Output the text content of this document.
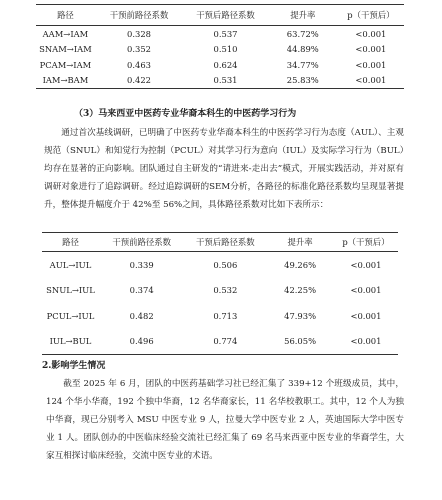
路径	干预前路径系数	干预后路径系数	提升率	p（干预后）
AAM→IAM	0.328	0.537	63.72%	<0.001
SNAM→IAM	0.352	0.510	44.89%	<0.001
PCAM→IAM	0.463	0.624	34.77%	<0.001
IAM→BAM	0.422	0.531	25.83%	<0.001
（3）马来西亚中医药专业华裔本科生的中医药学习行为

通过首次基线调研，已明确了中医药专业华裔本科生的中医药学习行为态度（AUL）、主观规范（SNUL）和知觉行为控制（PCUL）对其学习行为意向（IUL）及实际学习行为（BUL）均存在显著的正向影响。团队通过自主研发的“请进来-走出去”模式，开展实践活动，并对原有调研对象进行了追踪调研。经过追踪调研的SEM分析，各路径的标准化路径系数均呈现显著提升，整体提升幅度介于 42%至 56%之间，具体路径系数对比如下表所示：

路径	干预前路径系数	干预后路径系数	提升率	p（干预后）
AUL→IUL	0.339	0.506	49.26%	<0.001
SNUL→IUL	0.374	0.532	42.25%	<0.001
PCUL→IUL	0.482	0.713	47.93%	<0.001
IUL→BUL	0.496	0.774	56.05%	<0.001
2.影响学生情况

截至 2025 年 6 月，团队的中医药基础学习社已经汇集了 339+12 个班级成员，其中，124 个华小华裔，192 个独中华裔，12 名华裔家长，11 名华校教职工。其中，12 个人为独中华裔，现已分别考入 MSU 中医专业 9 人，拉曼大学中医专业 2 人，英迪国际大学中医专业 1 人。团队创办的中医临床经验交流社已经汇集了 69 名马来西亚中医专业的华裔学生，大家互相探讨临床经验，交流中医专业的术语。
